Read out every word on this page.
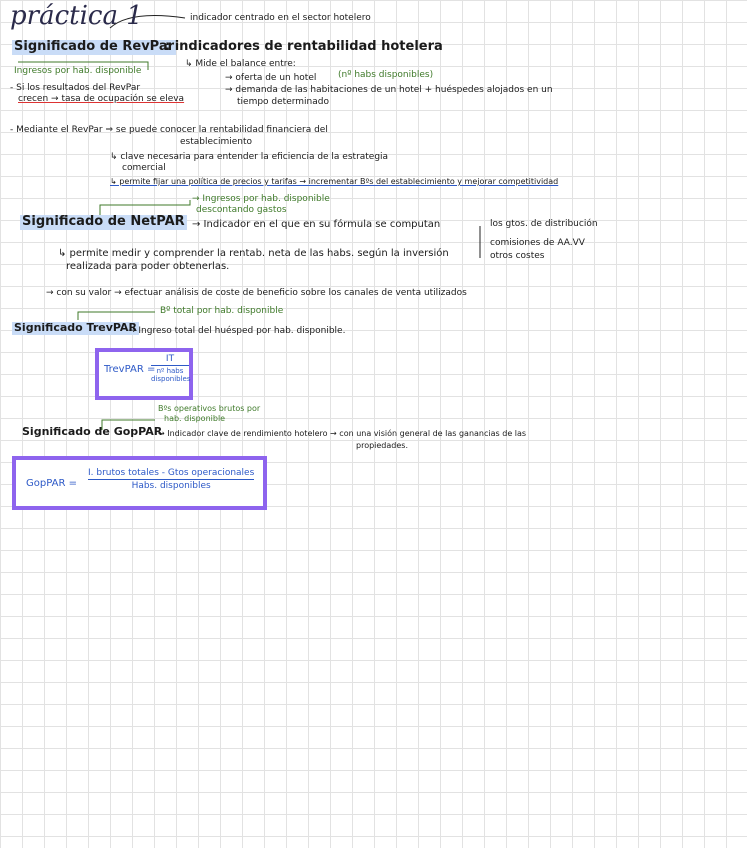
práctica 1	indicador centrado en el sector hotelero
Significado de RevPar
: indicadores de rentabilidad hotelera
Ingresos por hab. disponible
↳ Mide el balance entre:
→ oferta de un hotel (nº habs disponibles)
→ demanda de las habitaciones de un hotel + huéspedes alojados en un
tiempo determinado
- Si los resultados del RevPar
crecen → tasa de ocupación se eleva
- Mediante el RevPar ⇒ se puede conocer la rentabilidad financiera del
establecimiento
↳ clave necesaria para entender la eficiencia de la estrategia
comercial
↳ permite fijar una política de precios y tarifas → incrementar Bºs del establecimiento y mejorar competitividad
→ Ingresos por hab. disponible
descontando gastos
Significado de NetPAR → Indicador en el que en su fórmula se computan	los gtos. de distribución
comisiones de AA.VV
otros costes
↳ permite medir y comprender la rentab. neta de las habs. según la inversión
realizada para poder obtenerlas.
→ con su valor → efectuar análisis de coste de beneficio sobre los canales de venta utilizados
Bº total por hab. disponible
Significado TrevPAR
→ Ingreso total del huésped por hab. disponible.
TrevPAR =
IT
nº habs disponibles
Bºs operativos brutos por
hab. disponible
Significado de GopPAR
→ Indicador clave de rendimiento hotelero → con una visión general de las ganancias de las
propiedades.
GopPAR =
I. brutos totales - Gtos operacionales
Habs. disponibles
